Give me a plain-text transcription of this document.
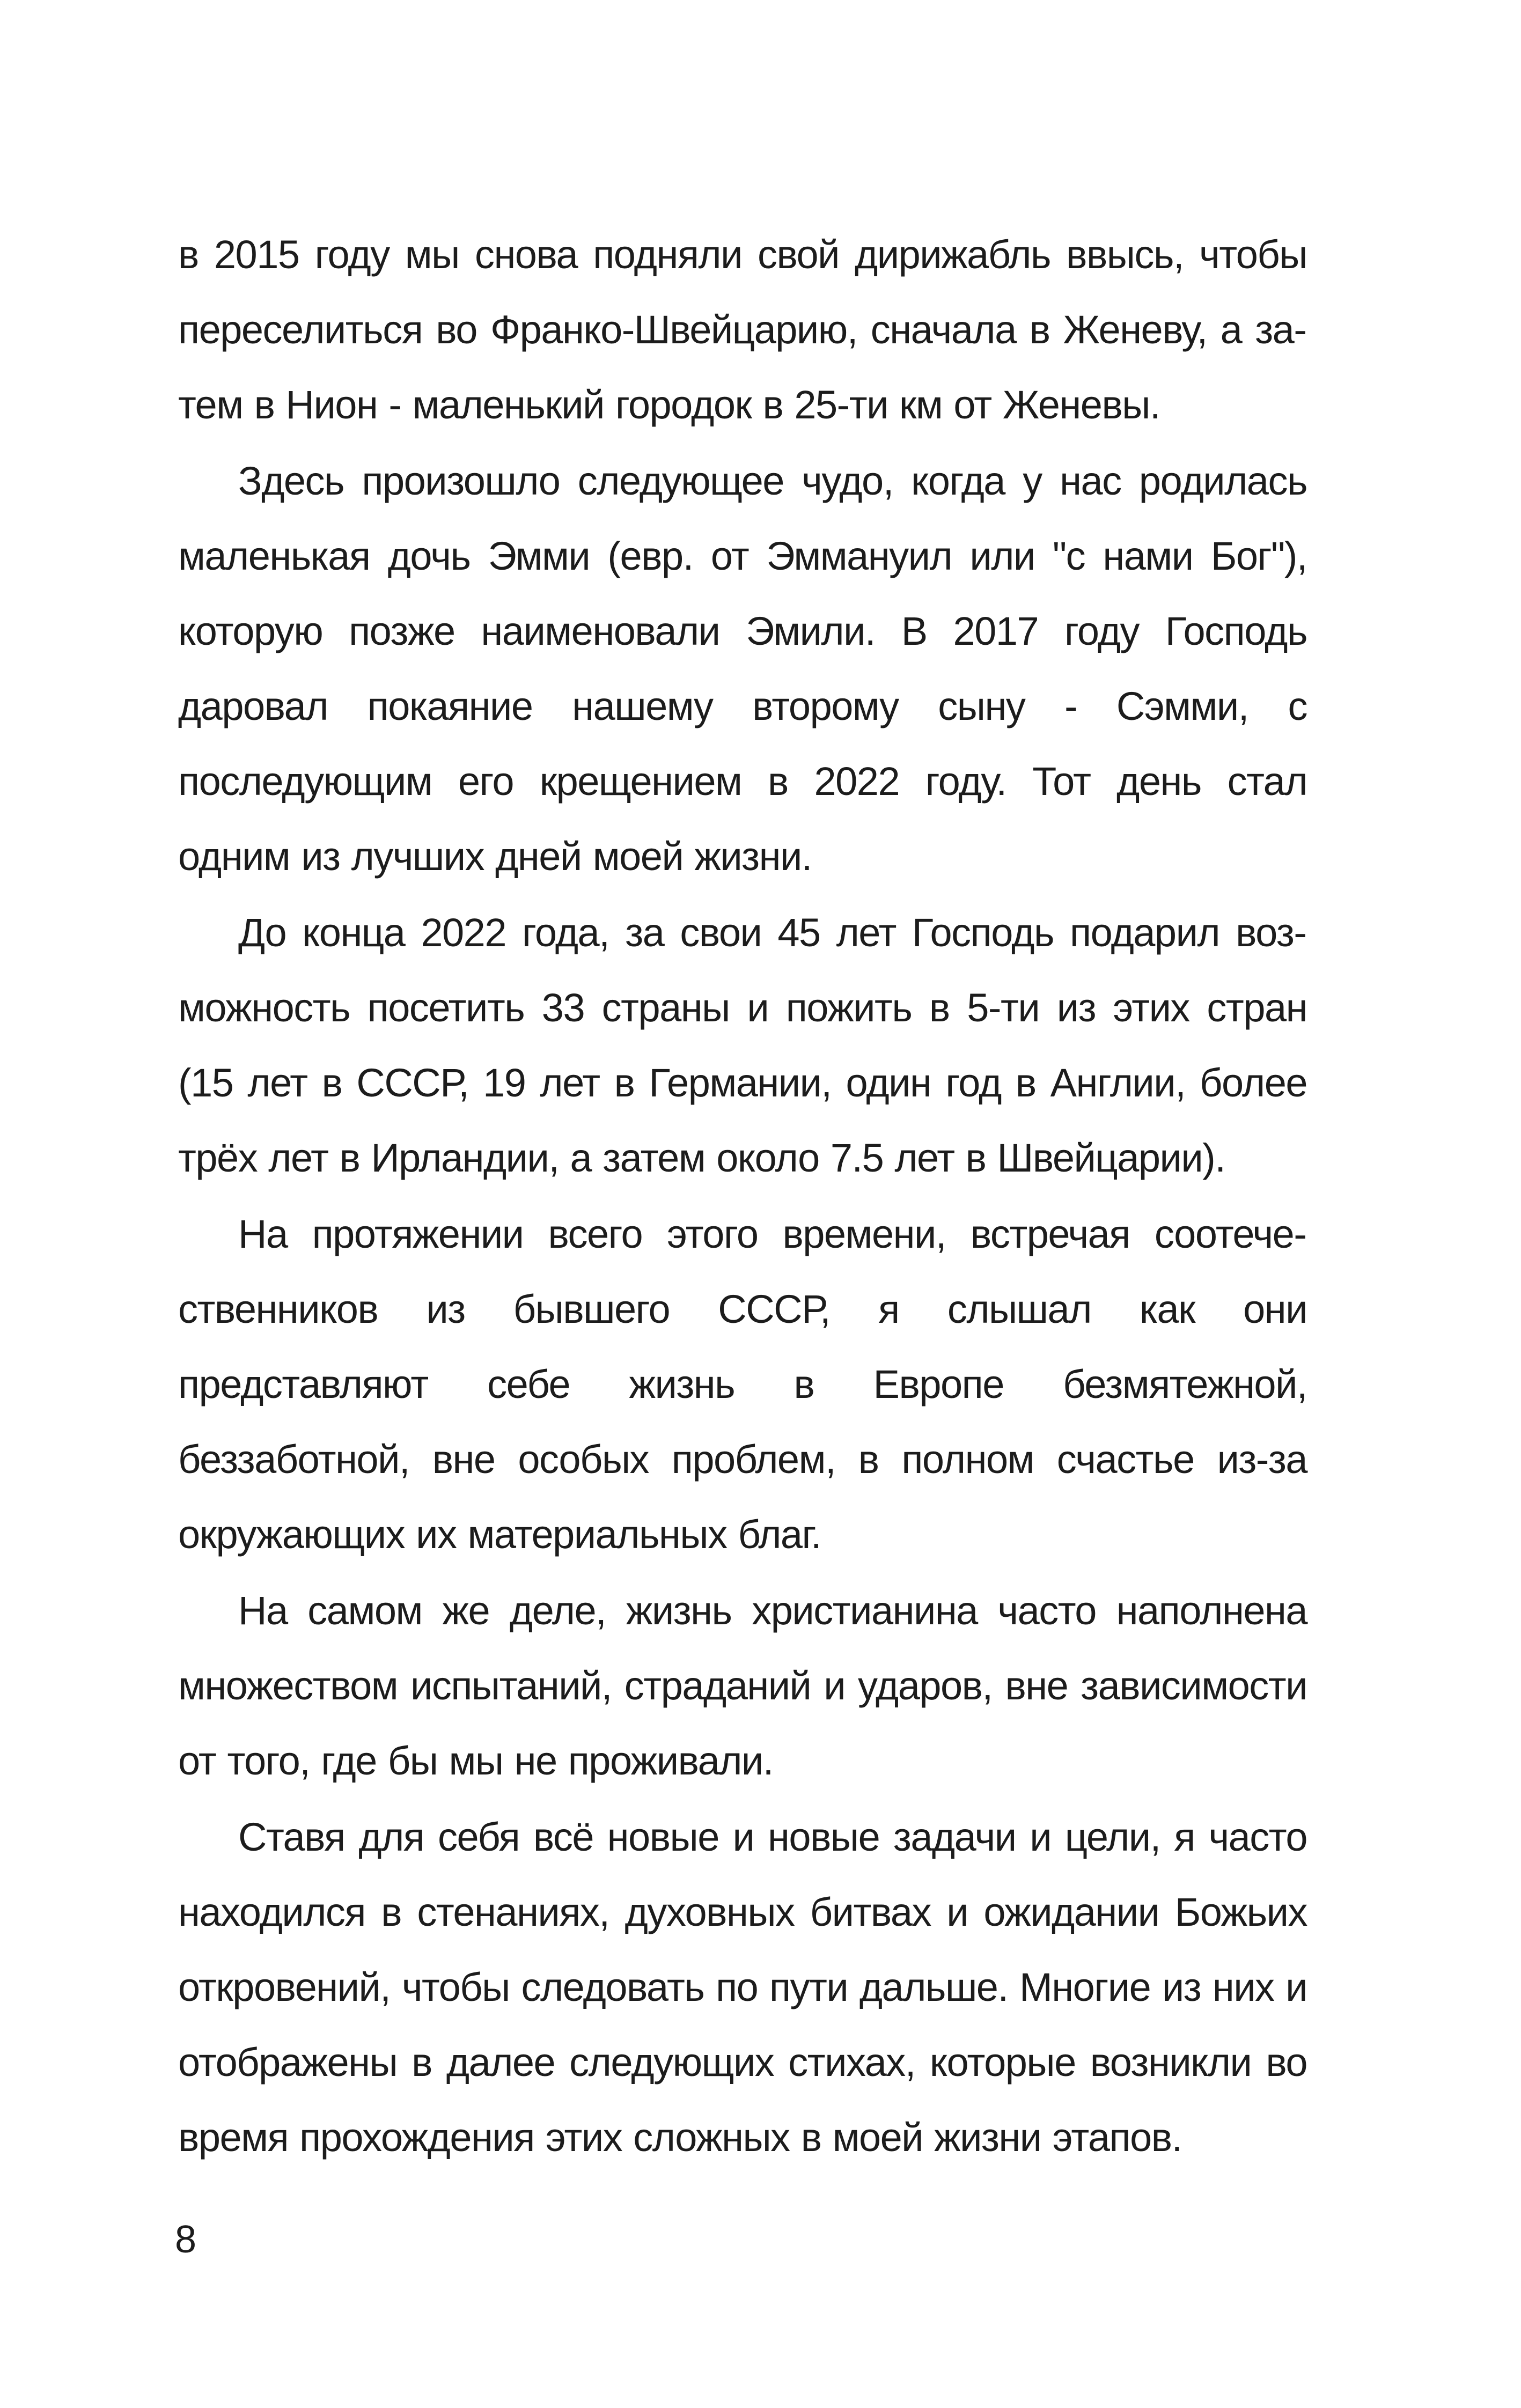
в 2015 году мы снова подняли свой дирижабль ввысь, чтобы переселиться во Франко-Швейцарию, сначала в Женеву, а затем в Нион - маленький городок в 25-ти км от Женевы.

Здесь произошло следующее чудо, когда у нас родилась маленькая дочь Эмми (евр. от Эммануил или "с нами Бог"), которую позже наименовали Эмили. В 2017 году Господь даровал покаяние нашему второму сыну - Сэмми, с последующим его крещением в 2022 году. Тот день стал одним из лучших дней моей жизни.

До конца 2022 года, за свои 45 лет Господь подарил возможность посетить 33 страны и пожить в 5-ти из этих стран (15 лет в СССР, 19 лет в Германии, один год в Англии, более трёх лет в Ирландии, а затем около 7.5 лет в Швейцарии).

На протяжении всего этого времени, встречая соотечественников из бывшего СССР, я слышал как они представляют себе жизнь в Европе безмятежной, беззаботной, вне особых проблем, в полном счастье из-за окружающих их материальных благ.

На самом же деле, жизнь христианина часто наполнена множеством испытаний, страданий и ударов, вне зависимости от того, где бы мы не проживали.

Ставя для себя всё новые и новые задачи и цели, я часто находился в стенаниях, духовных битвах и ожидании Божьих откровений, чтобы следовать по пути дальше. Многие из них и отображены в далее следующих стихах, которые возникли во время прохождения этих сложных в моей жизни этапов.

8
